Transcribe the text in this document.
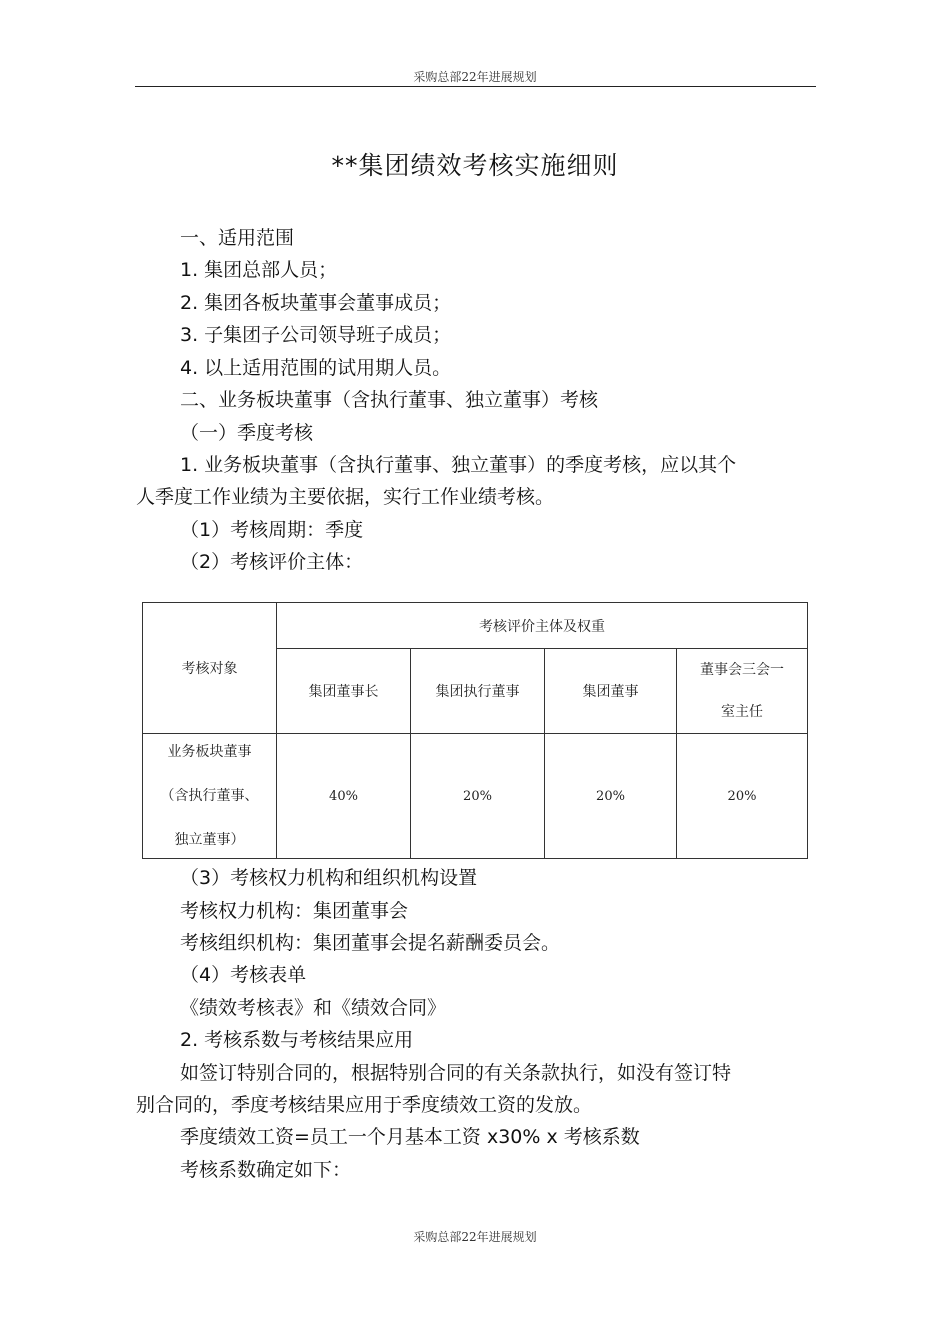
采购总部22年进展规划
**集团绩效考核实施细则
一、适用范围
1. 集团总部人员；
2. 集团各板块董事会董事成员；
3. 子集团子公司领导班子成员；
4. 以上适用范围的试用期人员。
二、业务板块董事（含执行董事、独立董事）考核
（一）季度考核
1. 业务板块董事（含执行董事、独立董事）的季度考核，应以其个
人季度工作业绩为主要依据，实行工作业绩考核。
（1）考核周期：季度
（2）考核评价主体：
考核对象	考核评价主体及权重			
	集团董事长	集团执行董事	集团董事	董事会三会一
室主任

业务板块董事
（含执行董事、
独立董事）	40%	20%	20%	20%
（3）考核权力机构和组织机构设置
考核权力机构：集团董事会
考核组织机构：集团董事会提名薪酬委员会。
（4）考核表单
《绩效考核表》和《绩效合同》
2. 考核系数与考核结果应用
如签订特别合同的，根据特别合同的有关条款执行，如没有签订特
别合同的，季度考核结果应用于季度绩效工资的发放。
季度绩效工资=员工一个月基本工资 x30% x 考核系数
考核系数确定如下：
采购总部22年进展规划
